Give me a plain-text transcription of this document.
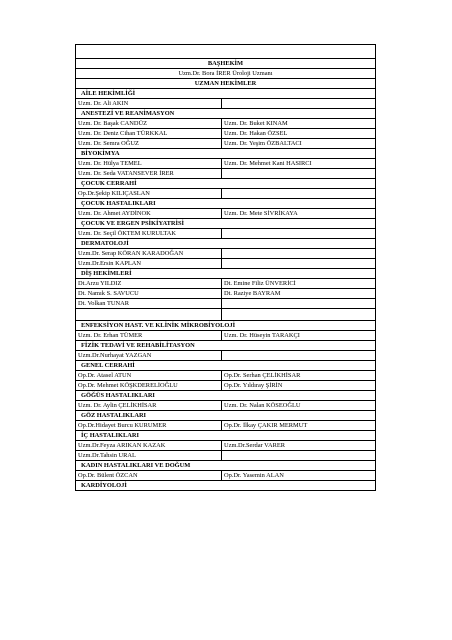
BAŞHEKİM	
Uzm.Dr. Bora İRER Üroloji Uzmanı	
UZMAN HEKİMLER	
AİLE HEKİMLİĞİ	
Uzm. Dr. Ali AKIN	
ANESTEZİ VE REANİMASYON	
Uzm. Dr. Başak CANDÜZ	Uzm. Dr. Buket KINAM
Uzm. Dr. Deniz Cihan TÜRKKAL	Uzm. Dr. Hakan ÖZSEL
Uzm. Dr. Semra OĞUZ	Uzm. Dr. Yeşim ÖZBALTACI
BİYOKİMYA	
Uzm. Dr. Hülya TEMEL	Uzm. Dr. Mehmet Kani HASIRCI
Uzm. Dr. Seda VATANSEVER İRER	
ÇOCUK CERRAHİ	
Op.Dr.Şekip KILIÇASLAN	
ÇOCUK HASTALIKLARI	
Uzm. Dr. Ahmet AYDİNOK	Uzm. Dr. Mete SİVRİKAYA
ÇOCUK VE ERGEN PSİKİYATRİSİ	
Uzm. Dr. Seçil ÖKTEM KURULTAK	
DERMATOLOJİ	
Uzm.Dr. Serap KÖRAN KARADOĞAN	
Uzm.Dr.Ersin KAPLAN	
DİŞ HEKİMLERİ	
Dt.Arzu YILDIZ	Dt. Emine Filiz ÜNVERİCİ
Dt. Namık S. SAVUCU	Dt. Raziye BAYRAM
Dt. Volkan TUNAR	

ENFEKSİYON HAST. VE KLİNİK MİKROBİYOLOJİ	
Uzm. Dr. Erhan TÜMER	Uzm. Dr. Hüseyin TARAKÇI
FİZİK TEDAVİ VE REHABİLİTASYON	
Uzm.Dr.Nurhayat YAZGAN	
GENEL CERRAHİ	
Op.Dr. Atasel ATUN	Op.Dr. Serhan ÇELİKHİSAR
Op.Dr. Mehmet KÖŞKDERELİOĞLU	Op.Dr. Yıldıray ŞİRİN
GÖĞÜS HASTALIKLARI	
Uzm. Dr. Aylin ÇELİKHİSAR	Uzm. Dr. Nalan KÖSEOĞLU
GÖZ HASTALIKLARI	
Op.Dr.Hidayet Burcu KURUMER	Op.Dr. İlkay ÇAKIR MERMUT
İÇ HASTALIKLARI	
Uzm.Dr.Feyza ARIKAN KAZAK	Uzm.Dr.Serdar VARER
Uzm.Dr.Tahsin URAL	
KADIN HASTALIKLARI VE DOĞUM	
Op.Dr. Bülent ÖZCAN	Op.Dr. Yasemin ALAN
KARDİYOLOJİ	
